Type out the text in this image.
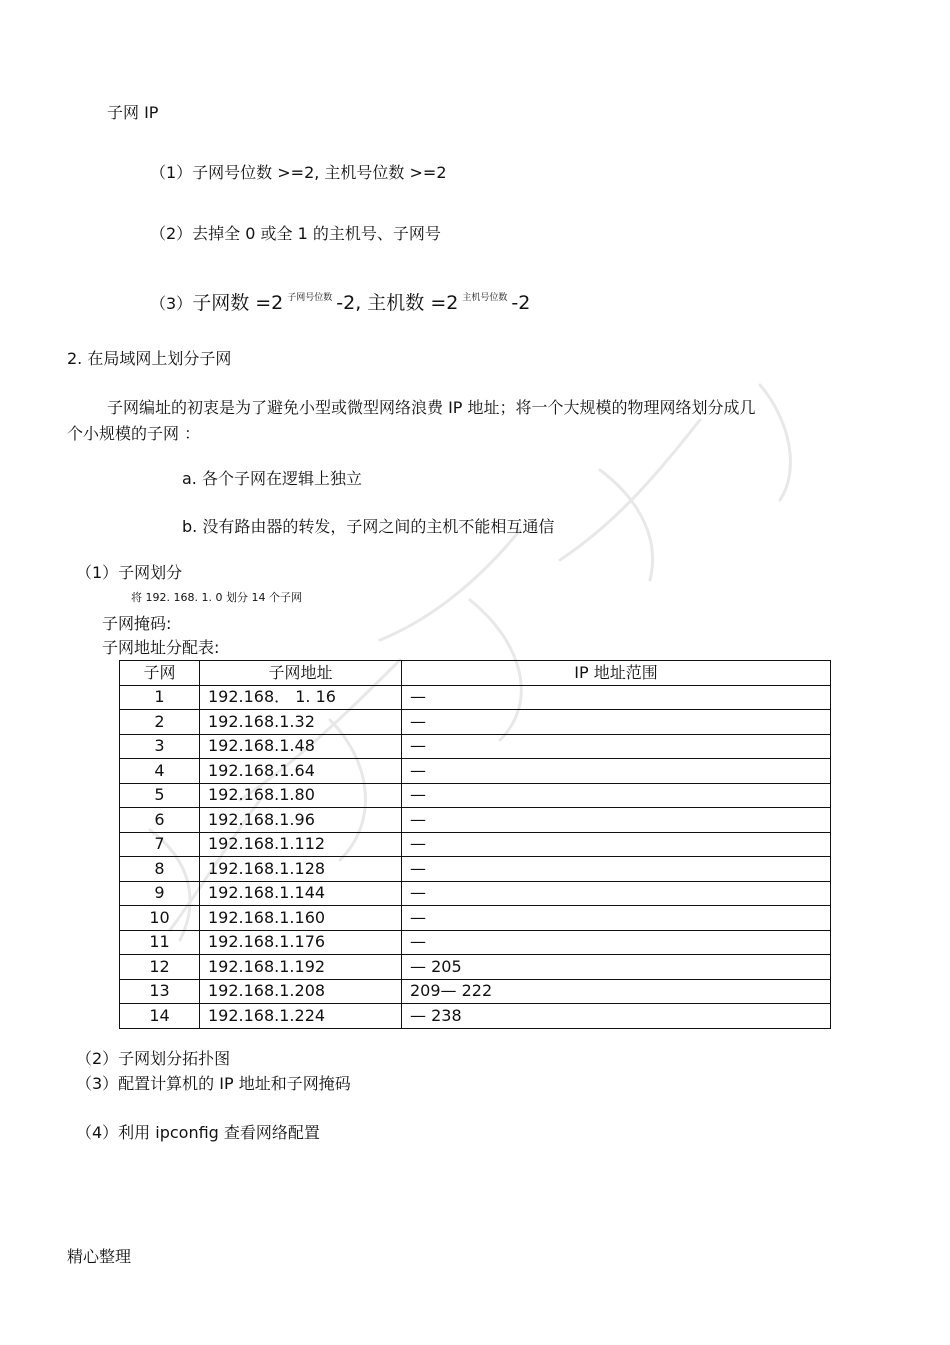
子网 IP
（1）子网号位数 >=2, 主机号位数 >=2
（2）去掉全 0 或全 1 的主机号、子网号
（3）子网数 =2 $^{子网号位数}$ -2, 主机数 =2 $^{主机号位数}$ -2
2. 在局域网上划分子网
子网编址的初衷是为了避免小型或微型网络浪费 IP 地址；将一个大规模的物理网络划分成几
个小规模的子网 ：
a. 各个子网在逻辑上独立
b. 没有路由器的转发，子网之间的主机不能相互通信
（1）子网划分
将 192. 168. 1. 0 划分 14 个子网
子网掩码:
子网地址分配表:
子网	子网地址	IP 地址范围
1	192.168． 1. 16	—
2	192.168.1.32	—
3	192.168.1.48	—
4	192.168.1.64	—
5	192.168.1.80	—
6	192.168.1.96	—
7	192.168.1.112	—
8	192.168.1.128	—
9	192.168.1.144	—
10	192.168.1.160	—
11	192.168.1.176	—
12	192.168.1.192	— 205
13	192.168.1.208	209— 222
14	192.168.1.224	— 238
（2）子网划分拓扑图
（3）配置计算机的 IP 地址和子网掩码
（4）利用 ipconfig 查看网络配置
精心整理
